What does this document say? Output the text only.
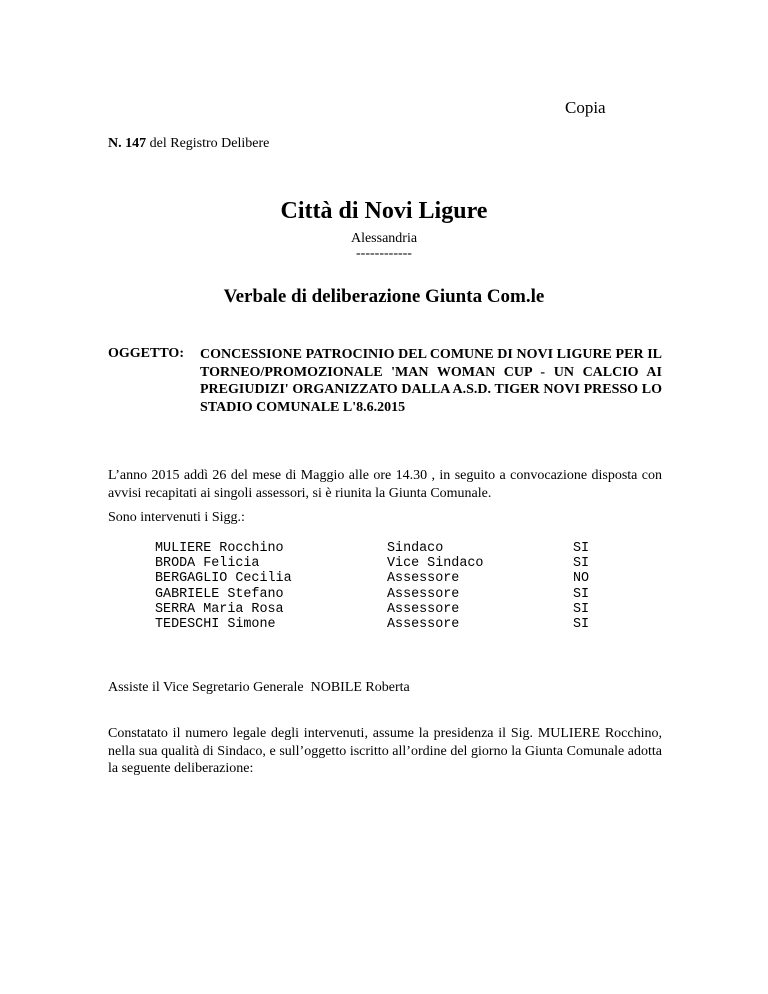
Copia
N. 147 del Registro Delibere
Città di Novi Ligure
Alessandria
------------
Verbale di deliberazione Giunta Com.le
OGGETTO: CONCESSIONE PATROCINIO DEL COMUNE DI NOVI LIGURE PER IL TORNEO/PROMOZIONALE 'MAN WOMAN CUP - UN CALCIO AI PREGIUDIZI' ORGANIZZATO DALLA A.S.D. TIGER NOVI PRESSO LO STADIO COMUNALE L'8.6.2015
L’anno 2015 addì 26 del mese di Maggio alle ore 14.30 , in seguito a convocazione disposta con avvisi recapitati ai singoli assessori, si è riunita la Giunta Comunale.
Sono intervenuti i Sigg.:
MULIERE Rocchino	Sindaco	SI
BRODA Felicia	Vice Sindaco	SI
BERGAGLIO Cecilia	Assessore	NO
GABRIELE Stefano	Assessore	SI
SERRA Maria Rosa	Assessore	SI
TEDESCHI Simone	Assessore	SI
Assiste il Vice Segretario Generale  NOBILE Roberta
Constatato il numero legale degli intervenuti, assume la presidenza il Sig. MULIERE Rocchino, nella sua qualità di Sindaco, e sull’oggetto iscritto all’ordine del giorno la Giunta Comunale adotta la seguente deliberazione:
